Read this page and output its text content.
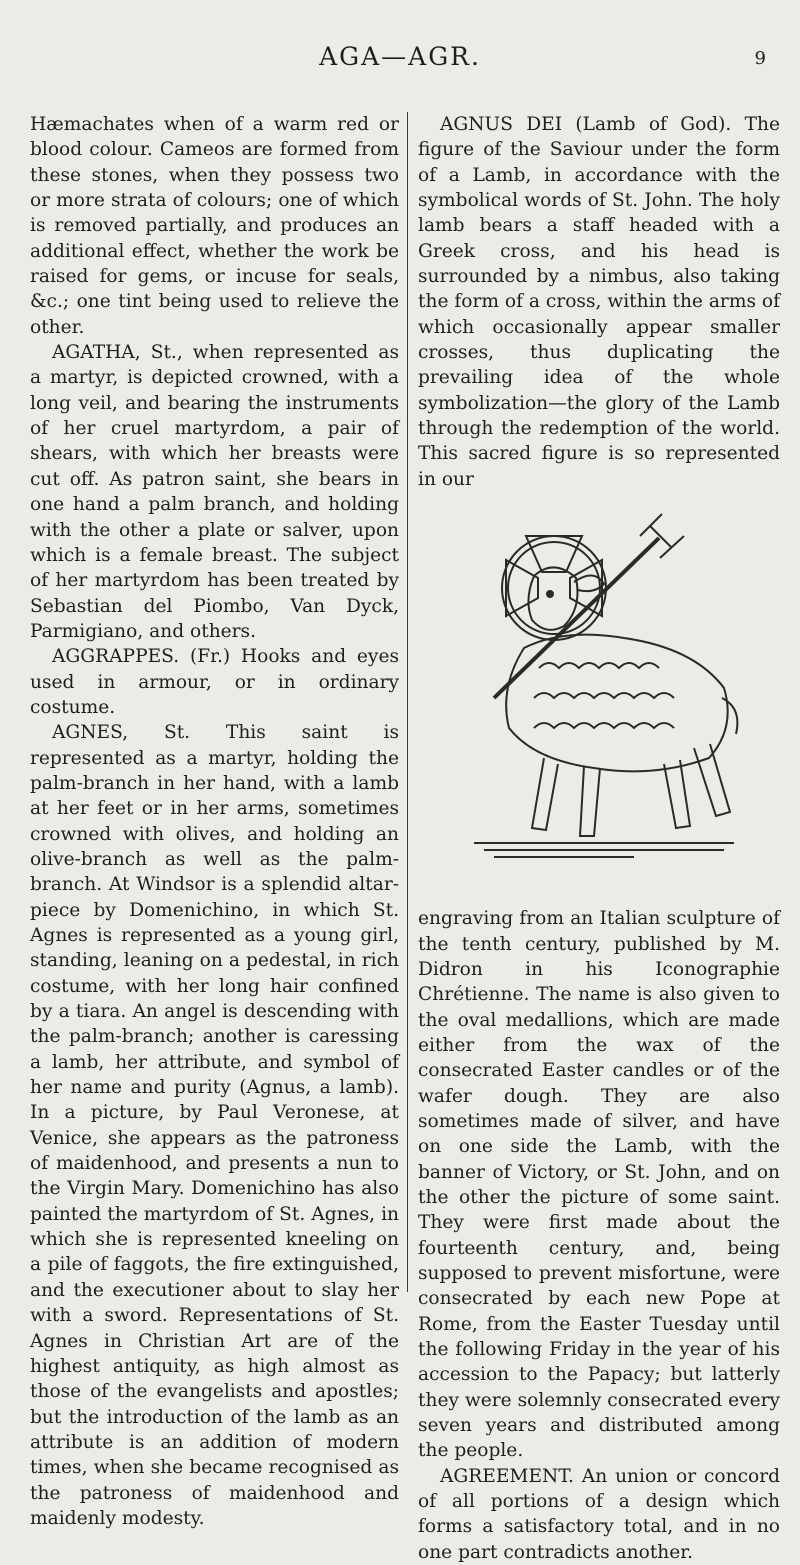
AGA—AGR.	9

Hæmachates when of a warm red or blood colour. Cameos are formed from these stones, when they possess two or more strata of colours; one of which is removed partially, and produces an additional effect, whether the work be raised for gems, or incuse for seals, &c.; one tint being used to relieve the other.

AGATHA, St., when represented as a martyr, is depicted crowned, with a long veil, and bearing the instruments of her cruel martyrdom, a pair of shears, with which her breasts were cut off. As patron saint, she bears in one hand a palm branch, and holding with the other a plate or salver, upon which is a female breast. The subject of her martyrdom has been treated by Sebastian del Piombo, Van Dyck, Parmigiano, and others.

AGGRAPPES. (Fr.) Hooks and eyes used in armour, or in ordinary costume.

AGNES, St. This saint is represented as a martyr, holding the palm-branch in her hand, with a lamb at her feet or in her arms, sometimes crowned with olives, and holding an olive-branch as well as the palm-branch. At Windsor is a splendid altar-piece by Domenichino, in which St. Agnes is represented as a young girl, standing, leaning on a pedestal, in rich costume, with her long hair confined by a tiara. An angel is descending with the palm-branch; another is caressing a lamb, her attribute, and symbol of her name and purity (Agnus, a lamb). In a picture, by Paul Veronese, at Venice, she appears as the patroness of maidenhood, and presents a nun to the Virgin Mary. Domenichino has also painted the martyrdom of St. Agnes, in which she is represented kneeling on a pile of faggots, the fire extinguished, and the executioner about to slay her with a sword. Representations of St. Agnes in Christian Art are of the highest antiquity, as high almost as those of the evangelists and apostles; but the introduction of the lamb as an attribute is an addition of modern times, when she became recognised as the patroness of maidenhood and maidenly modesty.

AGNUS DEI (Lamb of God). The figure of the Saviour under the form of a Lamb, in accordance with the symbolical words of St. John. The holy lamb bears a staff headed with a Greek cross, and his head is surrounded by a nimbus, also taking the form of a cross, within the arms of which occasionally appear smaller crosses, thus duplicating the prevailing idea of the whole symbolization—the glory of the Lamb through the redemption of the world. This sacred figure is so represented in our

engraving from an Italian sculpture of the tenth century, published by M. Didron in his Iconographie Chrétienne. The name is also given to the oval medallions, which are made either from the wax of the consecrated Easter candles or of the wafer dough. They are also sometimes made of silver, and have on one side the Lamb, with the banner of Victory, or St. John, and on the other the picture of some saint. They were first made about the fourteenth century, and, being supposed to prevent misfortune, were consecrated by each new Pope at Rome, from the Easter Tuesday until the following Friday in the year of his accession to the Papacy; but latterly they were solemnly consecrated every seven years and distributed among the people.

AGREEMENT. An union or concord of all portions of a design which forms a satisfactory total, and in no one part contradicts another.
